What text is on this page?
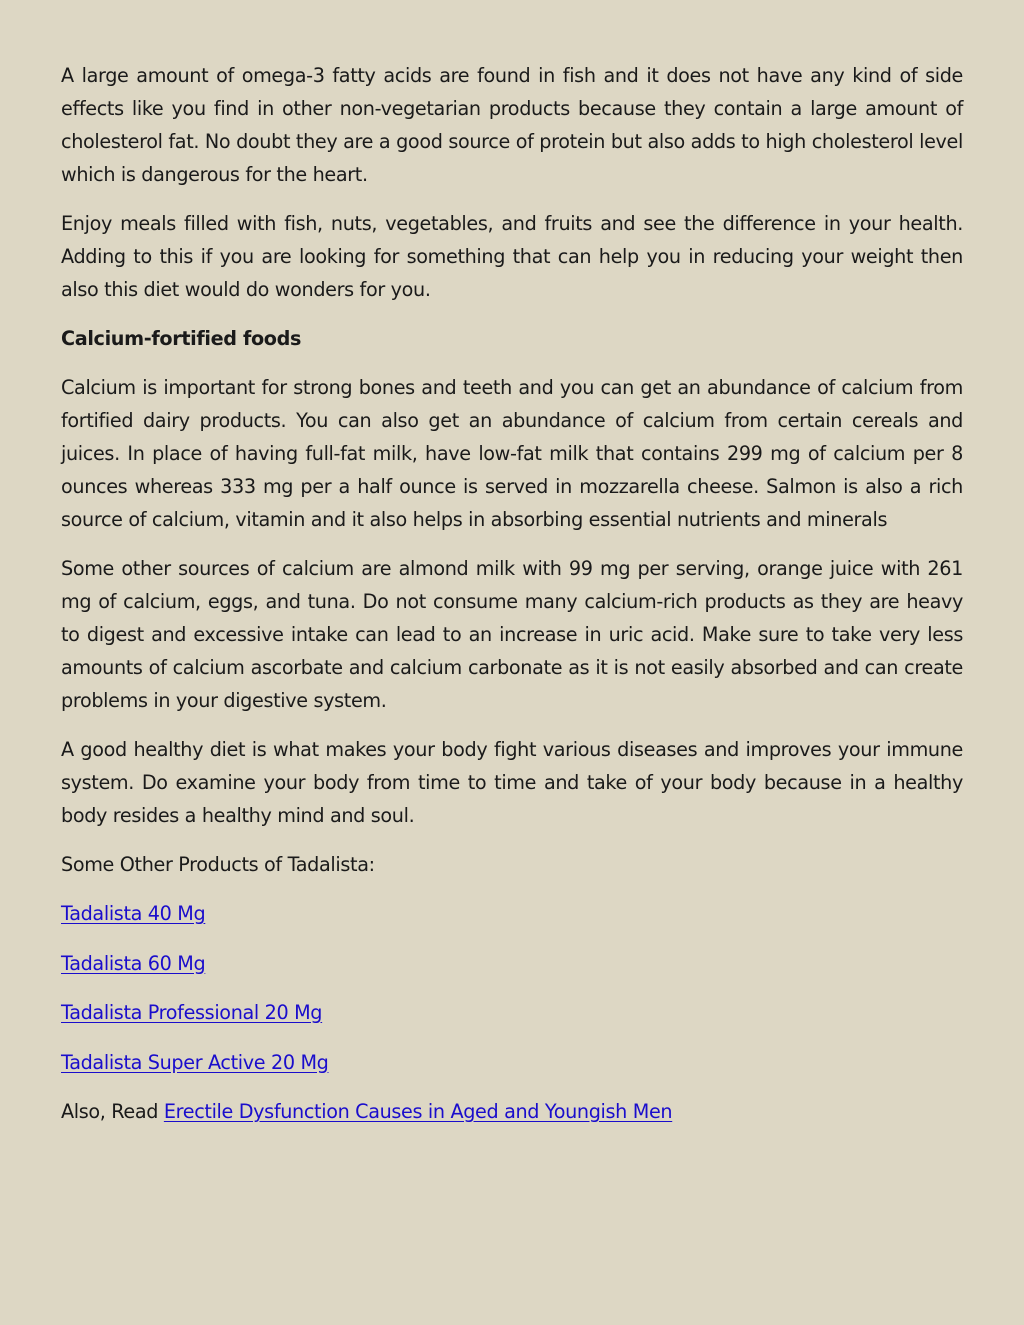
A large amount of omega-3 fatty acids are found in fish and it does not have any kind of side effects like you find in other non-vegetarian products because they contain a large amount of cholesterol fat. No doubt they are a good source of protein but also adds to high cholesterol level which is dangerous for the heart.

Enjoy meals filled with fish, nuts, vegetables, and fruits and see the difference in your health. Adding to this if you are looking for something that can help you in reducing your weight then also this diet would do wonders for you.

Calcium-fortified foods

Calcium is important for strong bones and teeth and you can get an abundance of calcium from fortified dairy products. You can also get an abundance of calcium from certain cereals and juices. In place of having full-fat milk, have low-fat milk that contains 299 mg of calcium per 8 ounces whereas 333 mg per a half ounce is served in mozzarella cheese. Salmon is also a rich source of calcium, vitamin and it also helps in absorbing essential nutrients and minerals

Some other sources of calcium are almond milk with 99 mg per serving, orange juice with 261 mg of calcium, eggs, and tuna. Do not consume many calcium-rich products as they are heavy to digest and excessive intake can lead to an increase in uric acid. Make sure to take very less amounts of calcium ascorbate and calcium carbonate as it is not easily absorbed and can create problems in your digestive system.

A good healthy diet is what makes your body fight various diseases and improves your immune system. Do examine your body from time to time and take of your body because in a healthy body resides a healthy mind and soul.

Some Other Products of Tadalista:

Tadalista 40 Mg

Tadalista 60 Mg

Tadalista Professional 20 Mg

Tadalista Super Active 20 Mg

Also, Read Erectile Dysfunction Causes in Aged and Youngish Men
